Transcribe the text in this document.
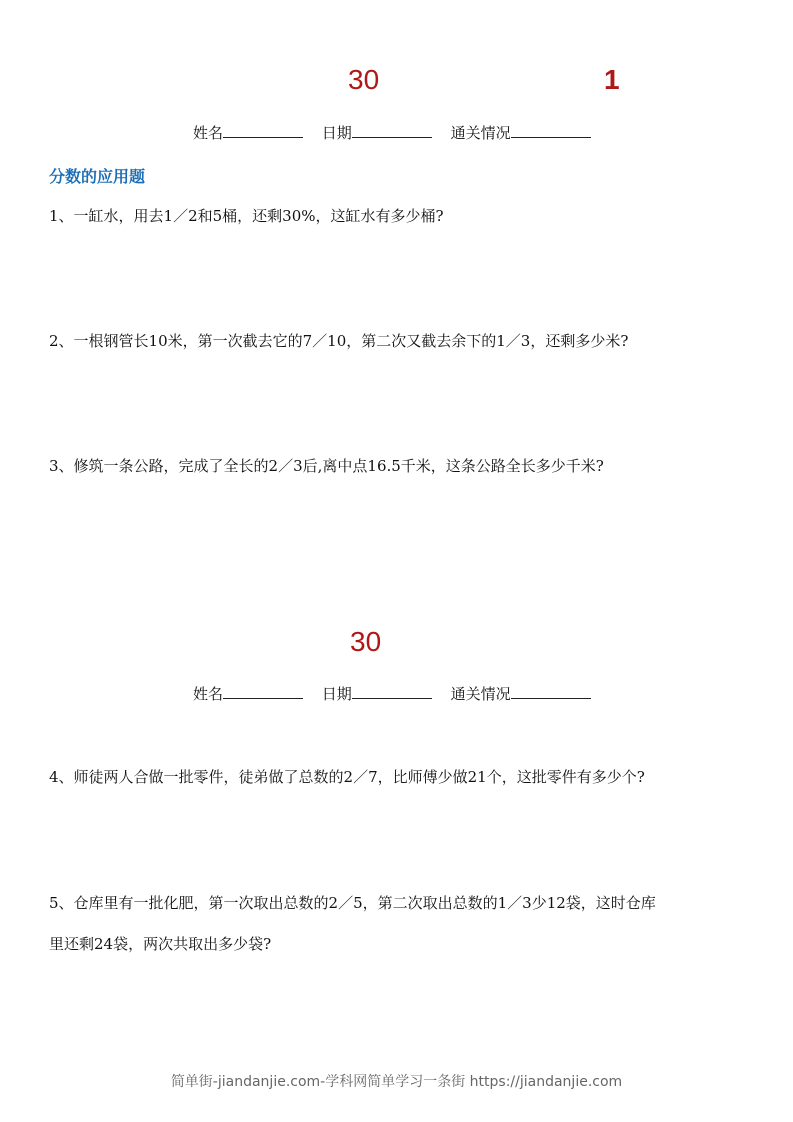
30	1
姓名	日期	通关情况
分数的应用题
1、一缸水，用去1／2和5桶，还剩30%，这缸水有多少桶?
2、一根钢管长10米，第一次截去它的7／10，第二次又截去余下的1／3，还剩多少米?
3、修筑一条公路，完成了全长的2／3后,离中点16.5千米，这条公路全长多少千米?
30
姓名	日期	通关情况
4、师徒两人合做一批零件，徒弟做了总数的2／7，比师傅少做21个，这批零件有多少个?
5、仓库里有一批化肥，第一次取出总数的2／5，第二次取出总数的1／3少12袋，这时仓库
里还剩24袋，两次共取出多少袋?
简单街-jiandanjie.com-学科网简单学习一条街 https://jiandanjie.com
